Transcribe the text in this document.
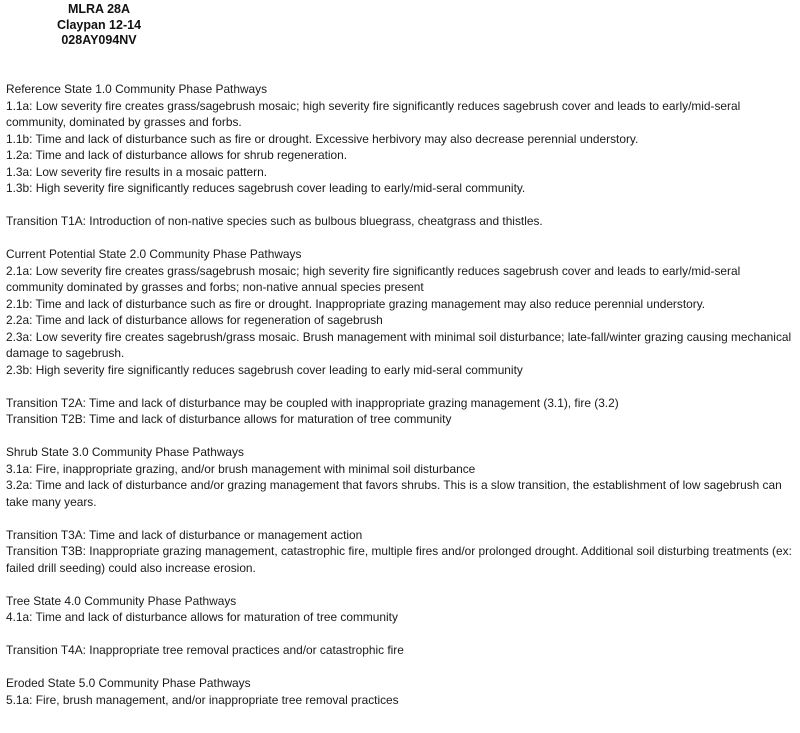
MLRA 28A
Claypan 12-14
028AY094NV
Reference State 1.0 Community Phase Pathways
1.1a: Low severity fire creates grass/sagebrush mosaic; high severity fire significantly reduces sagebrush cover and leads to early/mid-seral community, dominated by grasses and forbs.
1.1b: Time and lack of disturbance such as fire or drought. Excessive herbivory may also decrease perennial understory.
1.2a: Time and lack of disturbance allows for shrub regeneration.
1.3a: Low severity fire results in a mosaic pattern.
1.3b: High severity fire significantly reduces sagebrush cover leading to early/mid-seral community.
Transition T1A: Introduction of non-native species such as bulbous bluegrass, cheatgrass and thistles.
Current Potential State 2.0 Community Phase Pathways
2.1a: Low severity fire creates grass/sagebrush mosaic; high severity fire significantly reduces sagebrush cover and leads to early/mid-seral community dominated by grasses and forbs; non-native annual species present
2.1b: Time and lack of disturbance such as fire or drought. Inappropriate grazing management may also reduce perennial understory.
2.2a: Time and lack of disturbance allows for regeneration of sagebrush
2.3a: Low severity fire creates sagebrush/grass mosaic. Brush management with minimal soil disturbance; late-fall/winter grazing causing mechanical damage to sagebrush.
2.3b: High severity fire significantly reduces sagebrush cover leading to early mid-seral community
Transition T2A: Time and lack of disturbance may be coupled with inappropriate grazing management (3.1), fire (3.2)
Transition T2B: Time and lack of disturbance allows for maturation of tree community
Shrub State 3.0 Community Phase Pathways
3.1a: Fire, inappropriate grazing, and/or brush management with minimal soil disturbance
3.2a: Time and lack of disturbance and/or grazing management that favors shrubs. This is a slow transition, the establishment of low sagebrush can take many years.
Transition T3A: Time and lack of disturbance or management action
Transition T3B: Inappropriate grazing management, catastrophic fire, multiple fires and/or prolonged drought. Additional soil disturbing treatments (ex: failed drill seeding) could also increase erosion.
Tree State 4.0 Community Phase Pathways
4.1a: Time and lack of disturbance allows for maturation of tree community
Transition T4A: Inappropriate tree removal practices and/or catastrophic fire
Eroded State 5.0 Community Phase Pathways
5.1a: Fire, brush management, and/or inappropriate tree removal practices
